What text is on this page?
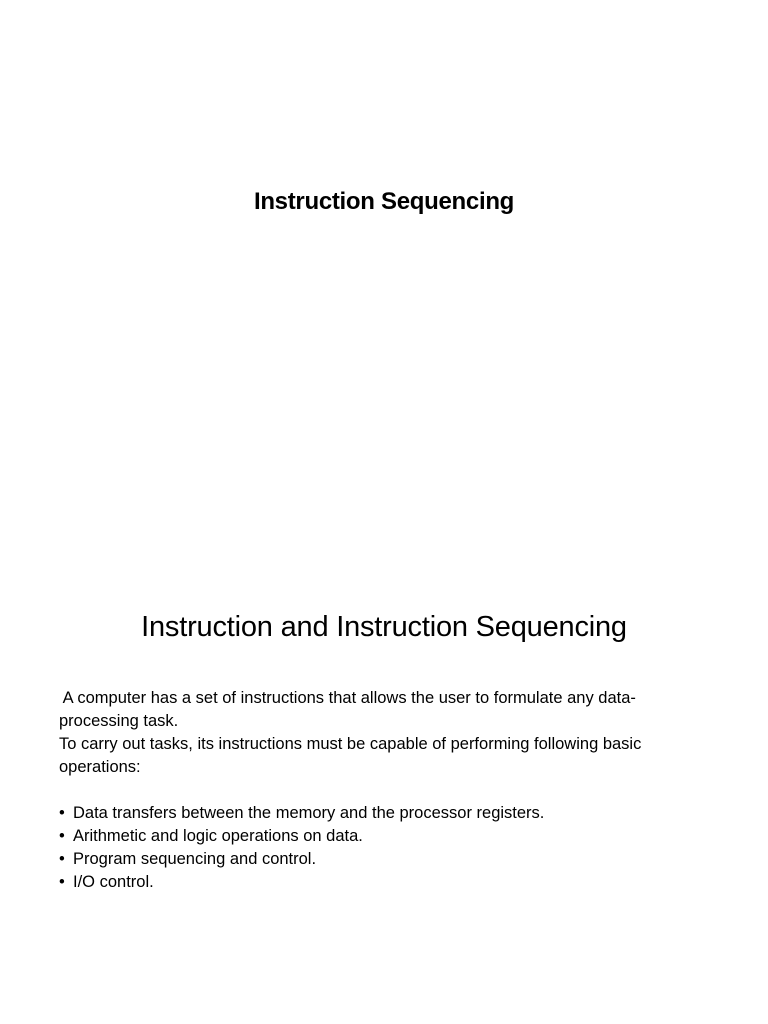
Instruction Sequencing
Instruction and Instruction Sequencing

A computer has a set of instructions that allows the user to formulate any data-

processing task.

To carry out tasks, its instructions must be capable of performing following basic

operations:

• Data transfers between the memory and the processor registers.
• Arithmetic and logic operations on data.
• Program sequencing and control.
• I/O control.
